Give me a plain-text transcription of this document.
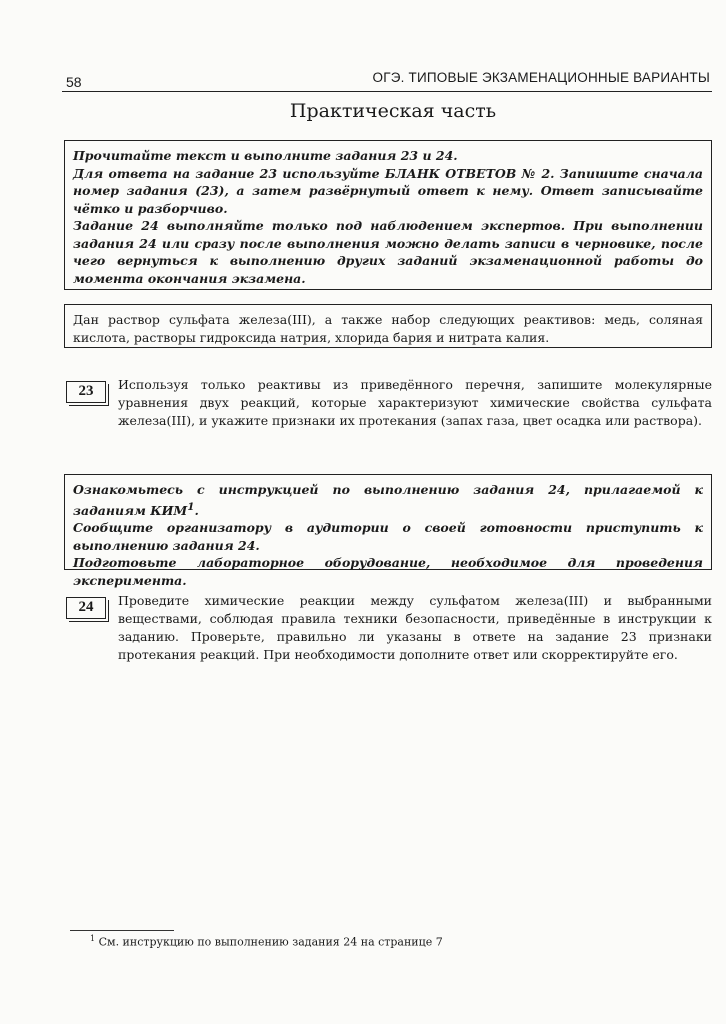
58	ОГЭ. ТИПОВЫЕ ЭКЗАМЕНАЦИОННЫЕ ВАРИАНТЫ
Практическая часть

Прочитайте текст и выполните задания 23 и 24.

Для ответа на задание 23 используйте БЛАНК ОТВЕТОВ № 2. Запишите сначала номер задания (23), а затем развёрнутый ответ к нему. Ответ записывайте чётко и разборчиво.

Задание 24 выполняйте только под наблюдением экспертов. При выполнении задания 24 или сразу после выполнения можно делать записи в черновике, после чего вернуться к выполнению других заданий экзаменационной работы до момента окончания экзамена.

Дан раствор сульфата железа(III), а также набор следующих реактивов: медь, соляная кислота, растворы гидроксида натрия, хлорида бария и нитрата калия.
23	Используя только реактивы из приведённого перечня, запишите молекулярные уравнения двух реакций, которые характеризуют химические свойства сульфата железа(III), и укажите признаки их протекания (запах газа, цвет осадка или раствора).

Ознакомьтесь с инструкцией по выполнению задания 24, прилагаемой к заданиям КИМ$^1$.

Сообщите организатору в аудитории о своей готовности приступить к выполнению задания 24.

Подготовьте лабораторное оборудование, необходимое для проведения эксперимента.

24	Проведите химические реакции между сульфатом железа(III) и выбранными веществами, соблюдая правила техники безопасности, приведённые в инструкции к заданию. Проверьте, правильно ли указаны в ответе на задание 23 признаки протекания реакций. При необходимости дополните ответ или скорректируйте его.
$^1$ См. инструкцию по выполнению задания 24 на странице 7
